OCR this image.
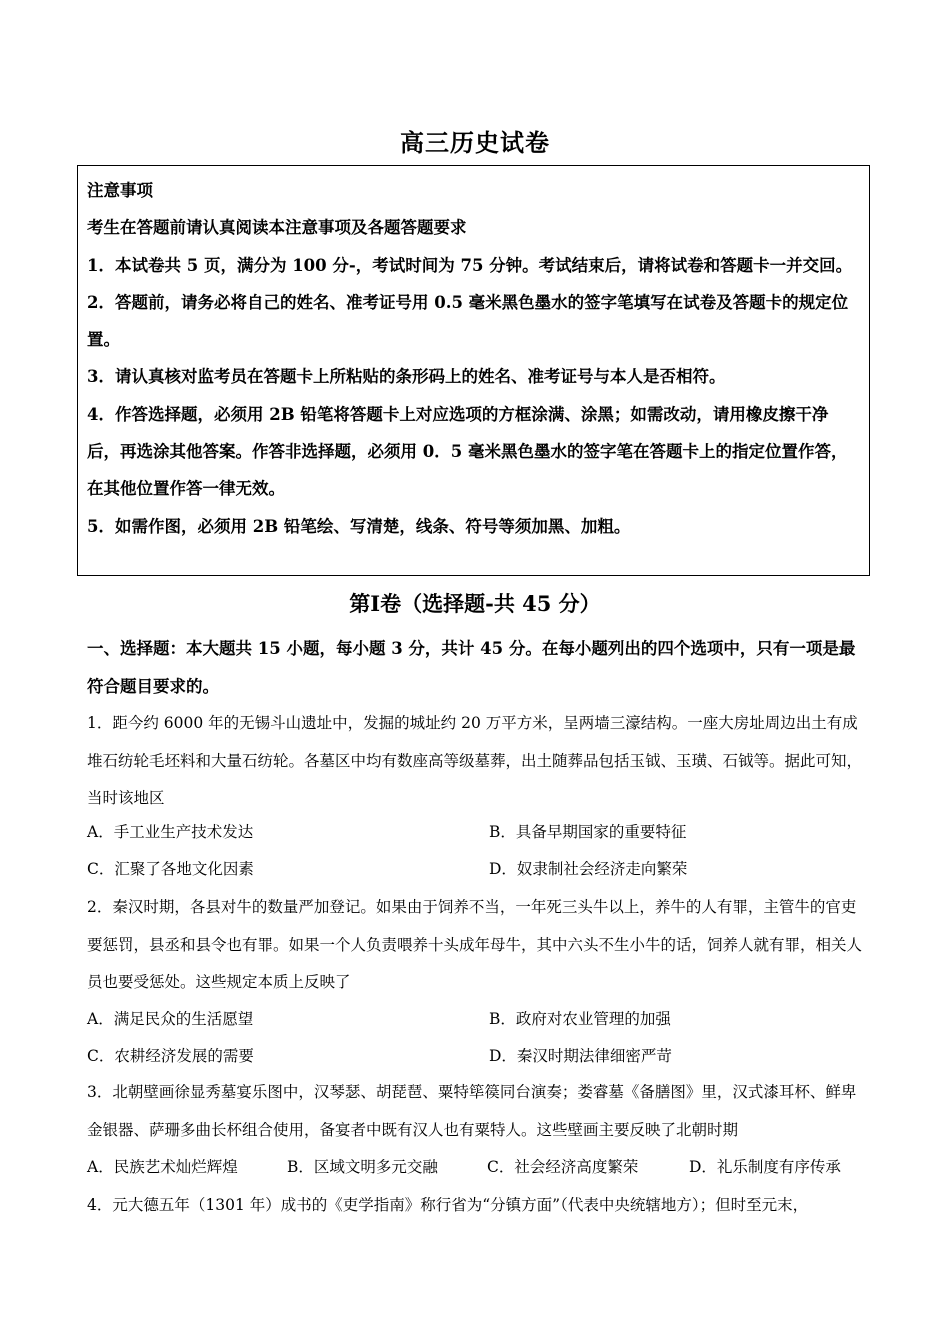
高三历史试卷

注意事项

考生在答题前请认真阅读本注意事项及各题答题要求

1．本试卷共 5 页，满分为 100 分-，考试时间为 75 分钟。考试结束后，请将试卷和答题卡一并交回。

2．答题前，请务必将自己的姓名、准考证号用 0.5 毫米黑色墨水的签字笔填写在试卷及答题卡的规定位置。

3．请认真核对监考员在答题卡上所粘贴的条形码上的姓名、准考证号与本人是否相符。

4．作答选择题，必须用 2B 铅笔将答题卡上对应选项的方框涂满、涂黑；如需改动，请用橡皮擦干净后，再选涂其他答案。作答非选择题，必须用 0．5 毫米黑色墨水的签字笔在答题卡上的指定位置作答，在其他位置作答一律无效。

5．如需作图，必须用 2B 铅笔绘、写清楚，线条、符号等须加黑、加粗。

第Ⅰ卷（选择题-共 45 分）
一、选择题：本大题共 15 小题，每小题 3 分，共计 45 分。在每小题列出的四个选项中，只有一项是最符合题目要求的。
1．距今约 6000 年的无锡斗山遗址中，发掘的城址约 20 万平方米，呈两墙三濠结构。一座大房址周边出土有成堆石纺轮毛坯料和大量石纺轮。各墓区中均有数座高等级墓葬，出土随葬品包括玉钺、玉璜、石钺等。据此可知，当时该地区
A．手工业生产技术发达	B．具备早期国家的重要特征
C．汇聚了各地文化因素	D．奴隶制社会经济走向繁荣
2．秦汉时期，各县对牛的数量严加登记。如果由于饲养不当，一年死三头牛以上，养牛的人有罪，主管牛的官吏要惩罚，县丞和县令也有罪。如果一个人负责喂养十头成年母牛，其中六头不生小牛的话，饲养人就有罪，相关人员也要受惩处。这些规定本质上反映了
A．满足民众的生活愿望	B．政府对农业管理的加强
C．农耕经济发展的需要	D．秦汉时期法律细密严苛
3．北朝壁画徐显秀墓宴乐图中，汉琴瑟、胡琵琶、粟特筚篌同台演奏；娄睿墓《备膳图》里，汉式漆耳杯、鲜卑金银器、萨珊多曲长杯组合使用，备宴者中既有汉人也有粟特人。这些壁画主要反映了北朝时期
A．民族艺术灿烂辉煌	B．区域文明多元交融	C．社会经济高度繁荣	D．礼乐制度有序传承
4．元大德五年（1301 年）成书的《吏学指南》称行省为“分镇方面”（代表中央统辖地方）；但时至元末，
